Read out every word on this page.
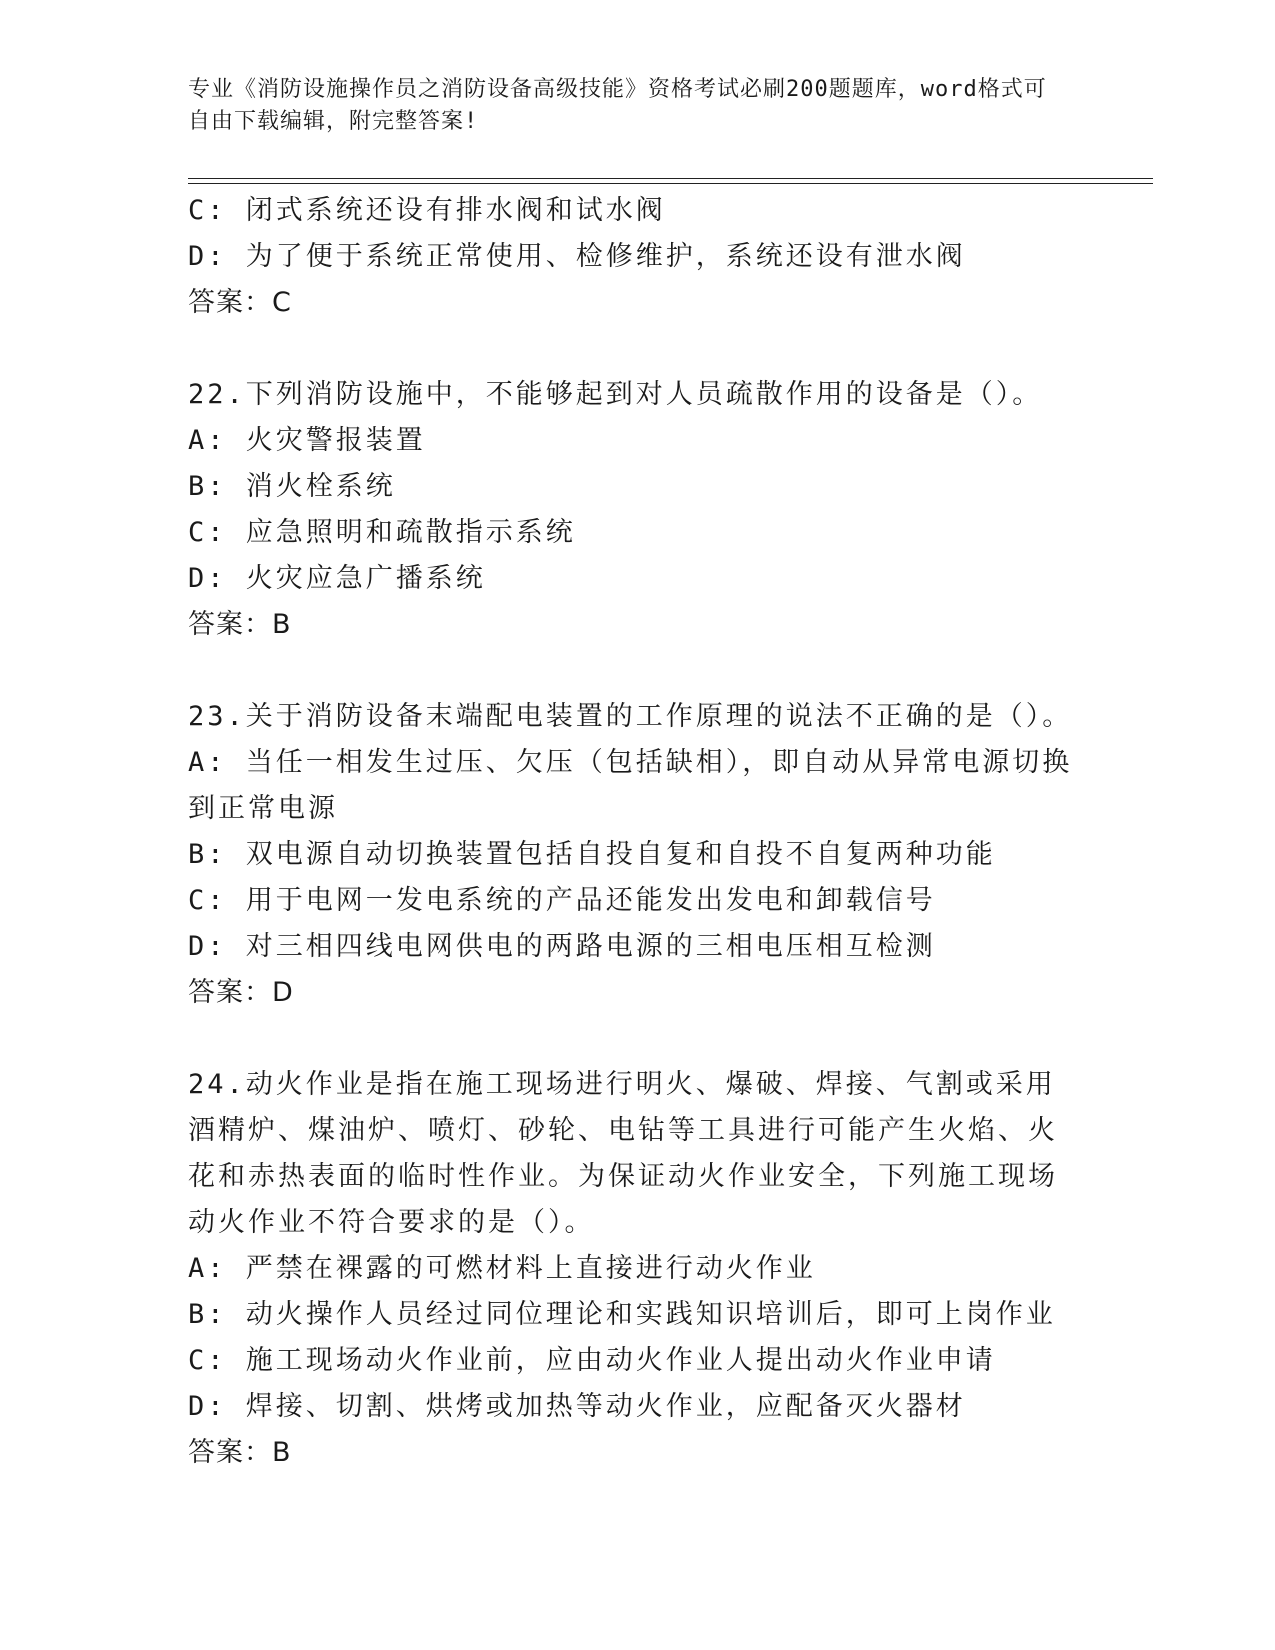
专业《消防设施操作员之消防设备高级技能》资格考试必刷200题题库，word格式可自由下载编辑，附完整答案!
C: 闭式系统还设有排水阀和试水阀
D: 为了便于系统正常使用、检修维护，系统还设有泄水阀
答案：C
22.下列消防设施中，不能够起到对人员疏散作用的设备是（）。
A: 火灾警报装置
B: 消火栓系统
C: 应急照明和疏散指示系统
D: 火灾应急广播系统
答案：B
23.关于消防设备末端配电装置的工作原理的说法不正确的是（）。
A: 当任一相发生过压、欠压（包括缺相），即自动从异常电源切换到正常电源
B: 双电源自动切换装置包括自投自复和自投不自复两种功能
C: 用于电网一发电系统的产品还能发出发电和卸载信号
D: 对三相四线电网供电的两路电源的三相电压相互检测
答案：D
24.动火作业是指在施工现场进行明火、爆破、焊接、气割或采用酒精炉、煤油炉、喷灯、砂轮、电钻等工具进行可能产生火焰、火花和赤热表面的临时性作业。为保证动火作业安全，下列施工现场动火作业不符合要求的是（）。
A: 严禁在裸露的可燃材料上直接进行动火作业
B: 动火操作人员经过同位理论和实践知识培训后，即可上岗作业
C: 施工现场动火作业前，应由动火作业人提出动火作业申请
D: 焊接、切割、烘烤或加热等动火作业，应配备灭火器材
答案：B
